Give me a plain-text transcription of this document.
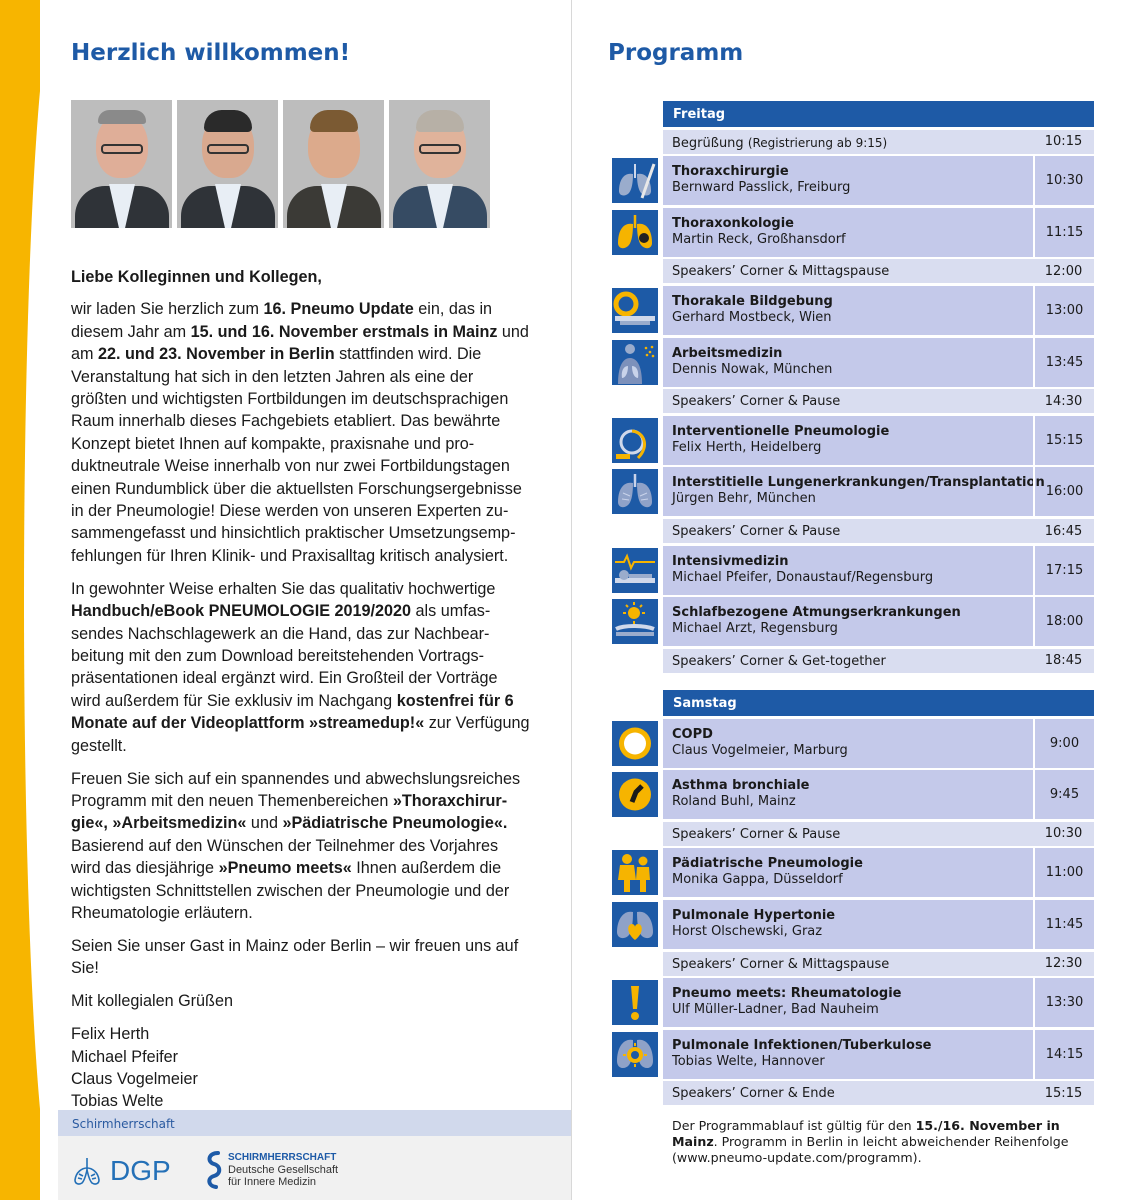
Herzlich willkommen!

Liebe Kolleginnen und Kollegen,

wir laden Sie herzlich zum 16. Pneumo Update ein, das in diesem Jahr am 15. und 16. November erstmals in Mainz und am 22. und 23. November in Berlin stattfinden wird. Die Veranstaltung hat sich in den letzten Jahren als eine der größten und wichtigsten Fortbildungen im deutschsprachigen Raum innerhalb dieses Fachgebiets etabliert. Das bewährte Konzept bietet Ihnen auf kompakte, praxisnahe und produktneutrale Weise innerhalb von nur zwei Fortbildungstagen einen Rundumblick über die aktuellsten Forschungsergebnisse in der Pneumologie! Diese werden von unseren Experten zusammengefasst und hinsichtlich praktischer Umsetzungsempfehlungen für Ihren Klinik- und Praxisalltag kritisch analysiert.

In gewohnter Weise erhalten Sie das qualitativ hochwertige Handbuch/eBook PNEUMOLOGIE 2019/2020 als umfassendes Nachschlagewerk an die Hand, das zur Nachbearbeitung mit den zum Download bereitstehenden Vortragspräsentationen ideal ergänzt wird. Ein Großteil der Vorträge wird außerdem für Sie exklusiv im Nachgang kostenfrei für 6 Monate auf der Videoplattform »streamedup!« zur Verfügung gestellt.

Freuen Sie sich auf ein spannendes und abwechslungsreiches Programm mit den neuen Themenbereichen »Thoraxchirurgie«, »Arbeitsmedizin« und »Pädiatrische Pneumologie«. Basierend auf den Wünschen der Teilnehmer des Vorjahres wird das diesjährige »Pneumo meets« Ihnen außerdem die wichtigsten Schnittstellen zwischen der Pneumologie und der Rheumatologie erläutern.

Seien Sie unser Gast in Mainz oder Berlin – wir freuen uns auf Sie!

Mit kollegialen Grüßen

Felix Herth

Michael Pfeifer

Claus Vogelmeier

Tobias Welte

Schirmherrschaft
DGP	SCHIRMHERRSCHAFT
Deutsche Gesellschaft
für Innere Medizin
Programm
Freitag
Begrüßung (Registrierung ab 9:15)	10:15
Thoraxchirurgie
Bernward Passlick, Freiburg	10:30
Thoraxonkologie
Martin Reck, Großhansdorf	11:15
Speakers’ Corner & Mittagspause	12:00
Thorakale Bildgebung
Gerhard Mostbeck, Wien	13:00
Arbeitsmedizin
Dennis Nowak, München	13:45
Speakers’ Corner & Pause	14:30
Interventionelle Pneumologie
Felix Herth, Heidelberg	15:15
Interstitielle Lungenerkrankungen/Transplantation
Jürgen Behr, München	16:00
Speakers’ Corner & Pause	16:45
Intensivmedizin
Michael Pfeifer, Donaustauf/Regensburg	17:15
Schlafbezogene Atmungserkrankungen
Michael Arzt, Regensburg	18:00
Speakers’ Corner & Get-together	18:45
Samstag
COPD
Claus Vogelmeier, Marburg	9:00
Asthma bronchiale
Roland Buhl, Mainz	9:45
Speakers’ Corner & Pause	10:30
Pädiatrische Pneumologie
Monika Gappa, Düsseldorf	11:00
Pulmonale Hypertonie
Horst Olschewski, Graz	11:45
Speakers’ Corner & Mittagspause	12:30
Pneumo meets: Rheumatologie
Ulf Müller-Ladner, Bad Nauheim	13:30
Pulmonale Infektionen/Tuberkulose
Tobias Welte, Hannover	14:15
Speakers’ Corner & Ende	15:15
Der Programmablauf ist gültig für den 15./16. November in Mainz. Programm in Berlin in leicht abweichender Reihenfolge (www.pneumo-update.com/programm).
